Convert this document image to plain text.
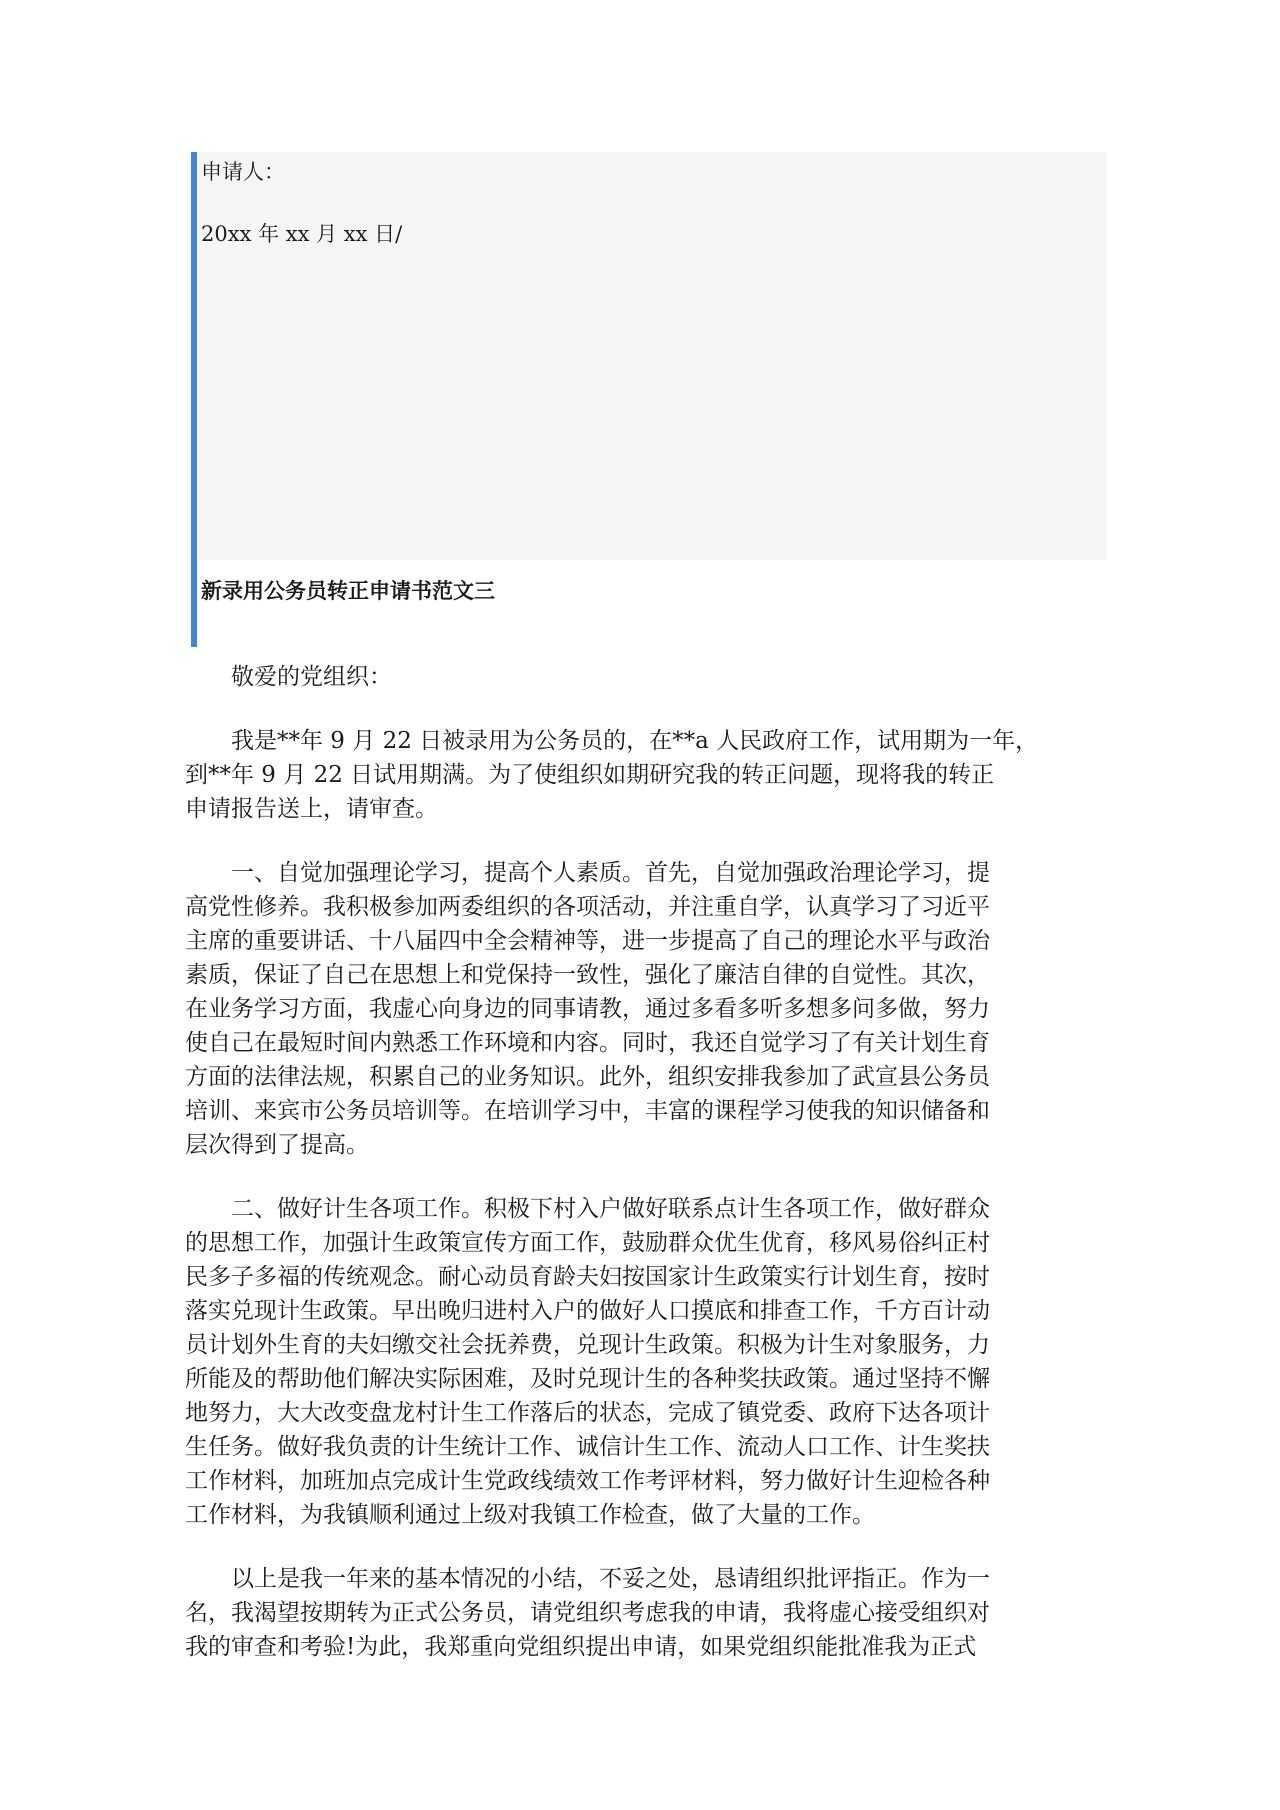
申请人：
20xx 年 xx 月 xx 日/
新录用公务员转正申请书范文三
　　敬爱的党组织：
　　我是**年 9 月 22 日被录用为公务员的，在**a 人民政府工作，试用期为一年，
到**年 9 月 22 日试用期满。为了使组织如期研究我的转正问题，现将我的转正
申请报告送上，请审查。
　　一、自觉加强理论学习，提高个人素质。首先，自觉加强政治理论学习，提
高党性修养。我积极参加两委组织的各项活动，并注重自学，认真学习了习近平
主席的重要讲话、十八届四中全会精神等，进一步提高了自己的理论水平与政治
素质，保证了自己在思想上和党保持一致性，强化了廉洁自律的自觉性。其次，
在业务学习方面，我虚心向身边的同事请教，通过多看多听多想多问多做，努力
使自己在最短时间内熟悉工作环境和内容。同时，我还自觉学习了有关计划生育
方面的法律法规，积累自己的业务知识。此外，组织安排我参加了武宣县公务员
培训、来宾市公务员培训等。在培训学习中，丰富的课程学习使我的知识储备和
层次得到了提高。
　　二、做好计生各项工作。积极下村入户做好联系点计生各项工作，做好群众
的思想工作，加强计生政策宣传方面工作，鼓励群众优生优育，移风易俗纠正村
民多子多福的传统观念。耐心动员育龄夫妇按国家计生政策实行计划生育，按时
落实兑现计生政策。早出晚归进村入户的做好人口摸底和排查工作，千方百计动
员计划外生育的夫妇缴交社会抚养费，兑现计生政策。积极为计生对象服务，力
所能及的帮助他们解决实际困难，及时兑现计生的各种奖扶政策。通过坚持不懈
地努力，大大改变盘龙村计生工作落后的状态，完成了镇党委、政府下达各项计
生任务。做好我负责的计生统计工作、诚信计生工作、流动人口工作、计生奖扶
工作材料，加班加点完成计生党政线绩效工作考评材料，努力做好计生迎检各种
工作材料，为我镇顺利通过上级对我镇工作检查，做了大量的工作。
　　以上是我一年来的基本情况的小结，不妥之处，恳请组织批评指正。作为一
名，我渴望按期转为正式公务员，请党组织考虑我的申请，我将虚心接受组织对
我的审查和考验!为此，我郑重向党组织提出申请，如果党组织能批准我为正式
